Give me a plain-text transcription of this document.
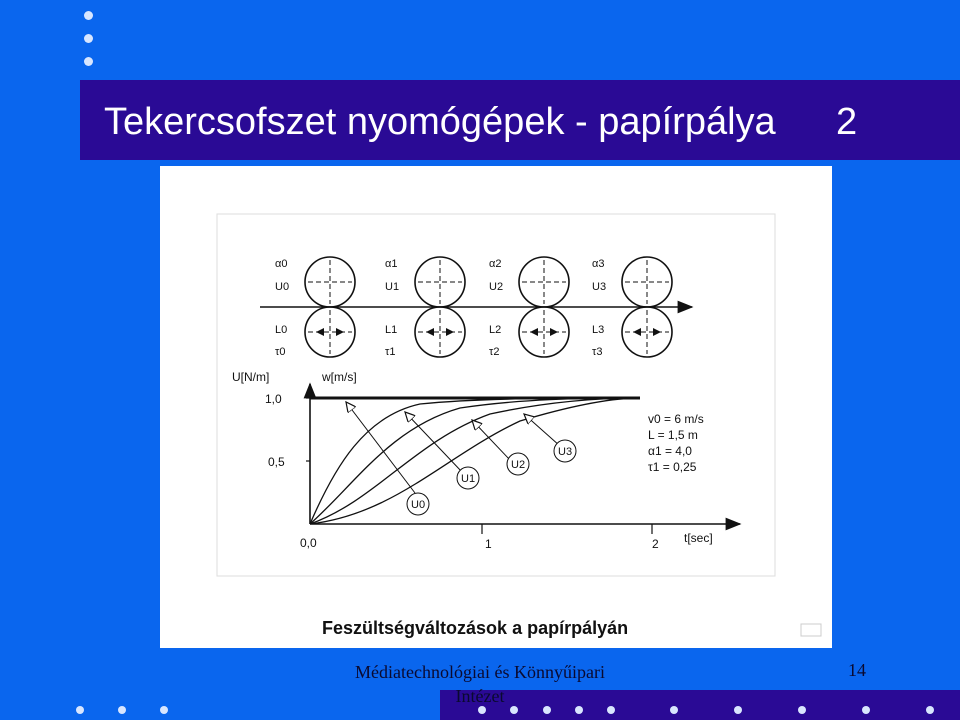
Tekercsofszet nyomógépek - papírpálya 2
α0
U0
L0
τ0
α1
U1
L1
τ1
α2
U2
L2
τ2
α3
U3
L3
τ3
U[N/m]	w[m/s]
1,0
0,5
0,0	1	2 t[sec]
v0 = 6 m/s
L = 1,5 m
α1 = 4,0
τ1 = 0,25
U0
U1
U2
U3
Feszültségváltozások a papírpályán
Médiatechnológiai és Könnyűipari Intézet
14
